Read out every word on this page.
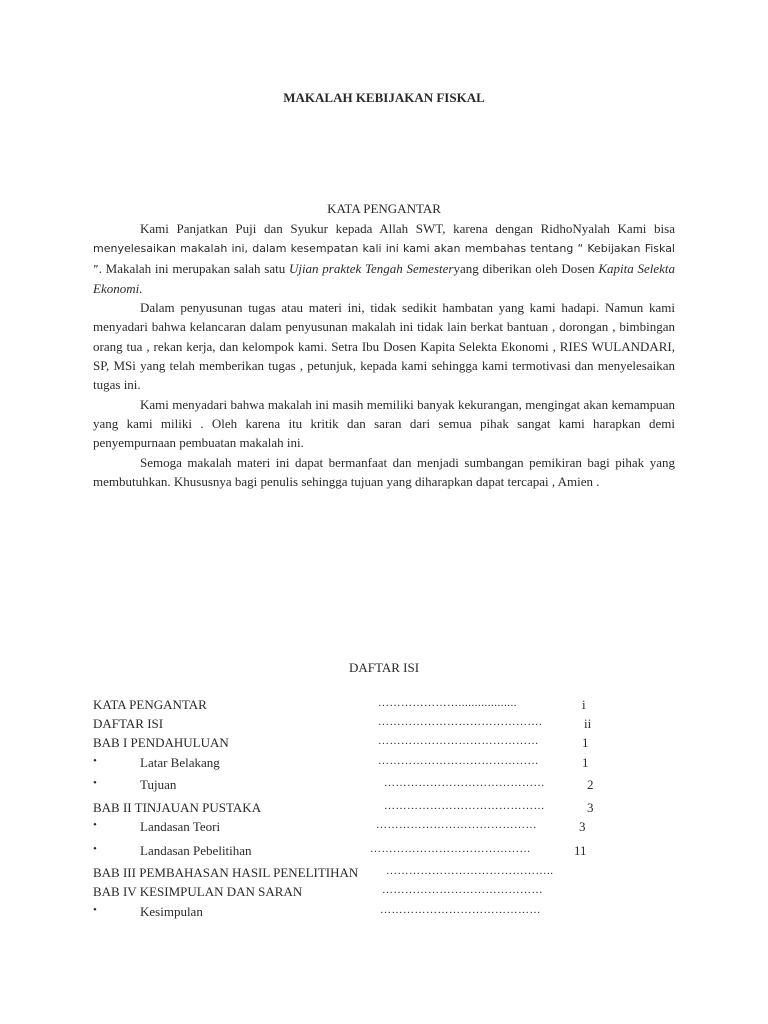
MAKALAH KEBIJAKAN FISKAL
KATA PENGANTAR

Kami Panjatkan Puji dan Syukur kepada Allah SWT, karena dengan RidhoNyalah Kami bisa menyelesaikan makalah ini, dalam kesempatan kali ini kami akan membahas tentang “ Kebijakan Fiskal ”. Makalah ini merupakan salah satu Ujian praktek Tengah Semesteryang diberikan oleh Dosen Kapita Selekta Ekonomi.

Dalam penyusunan tugas atau materi ini, tidak sedikit hambatan yang kami hadapi. Namun kami menyadari bahwa kelancaran dalam penyusunan makalah ini tidak lain berkat bantuan , dorongan , bimbingan orang tua , rekan kerja, dan kelompok kami. Setra Ibu Dosen Kapita Selekta Ekonomi , RIES WULANDARI, SP, MSi yang telah memberikan tugas , petunjuk, kepada kami sehingga kami termotivasi dan menyelesaikan tugas ini.

Kami menyadari bahwa makalah ini masih memiliki banyak kekurangan, mengingat akan kemampuan yang kami miliki . Oleh karena itu kritik dan saran dari semua pihak sangat kami harapkan demi penyempurnaan pembuatan makalah ini.

Semoga makalah materi ini dapat bermanfaat dan menjadi sumbangan pemikiran bagi pihak yang membutuhkan. Khususnya bagi penulis sehingga tujuan yang diharapkan dapat tercapai , Amien .

DAFTAR ISI
KATA PENGANTAR	…………………..................	i
DAFTAR ISI	…………………………………….	ii
BAB I PENDAHULUAN	……………………………………	1
•	Latar Belakang	……………………………………	1
•	Tujuan	……………………………………	2
BAB II TINJAUAN PUSTAKA	……………………………………	3
•	Landasan Teori	……………………………………	3
•	Landasan Pebelitihan	……………………………………	11
BAB III PEMBAHASAN HASIL PENELITIHAN	……………………………………..
BAB IV KESIMPULAN DAN SARAN	……………………………………
•	Kesimpulan	……………………………………
